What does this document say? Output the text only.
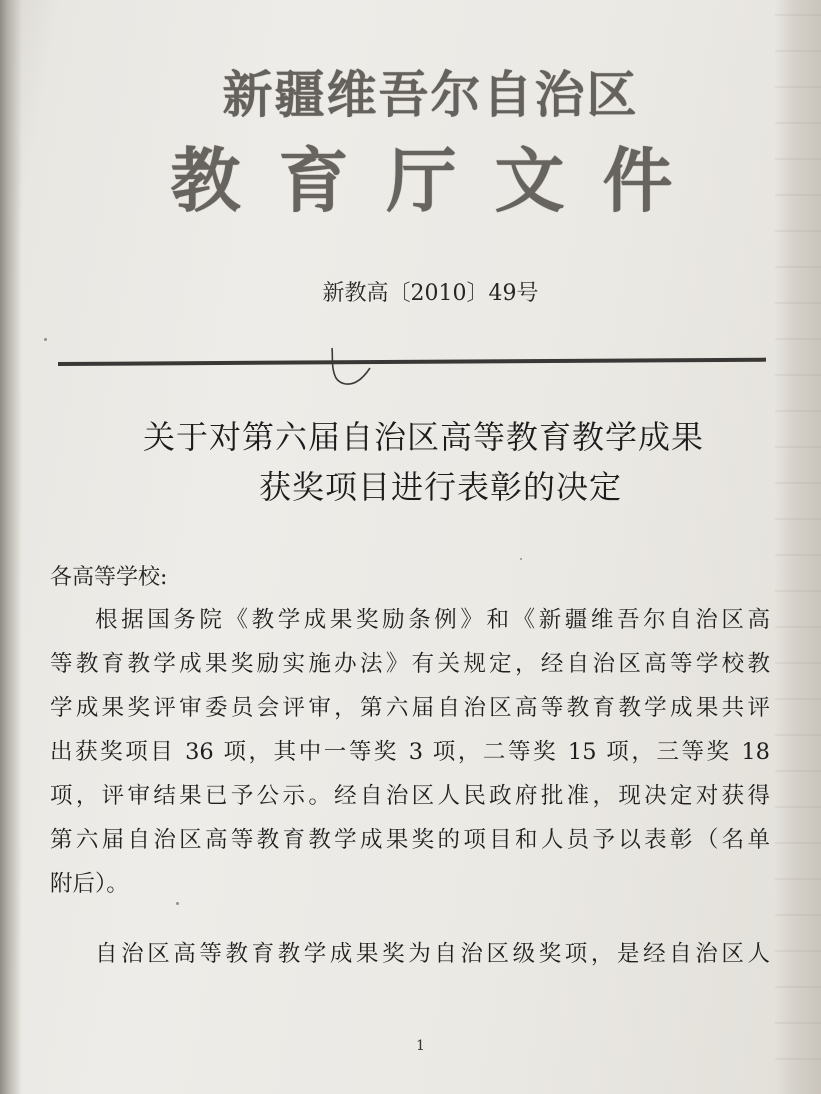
新疆维吾尔自治区
教育厅文件
新教高〔2010〕49号
关于对第六届自治区高等教育教学成果
获奖项目进行表彰的决定
各高等学校:
根据国务院《教学成果奖励条例》和《新疆维吾尔自治区高
等教育教学成果奖励实施办法》有关规定，经自治区高等学校教
学成果奖评审委员会评审，第六届自治区高等教育教学成果共评
出获奖项目 36 项，其中一等奖 3 项，二等奖 15 项，三等奖 18
项，评审结果已予公示。经自治区人民政府批准，现决定对获得
第六届自治区高等教育教学成果奖的项目和人员予以表彰（名单
附后）。
自治区高等教育教学成果奖为自治区级奖项，是经自治区人
1
